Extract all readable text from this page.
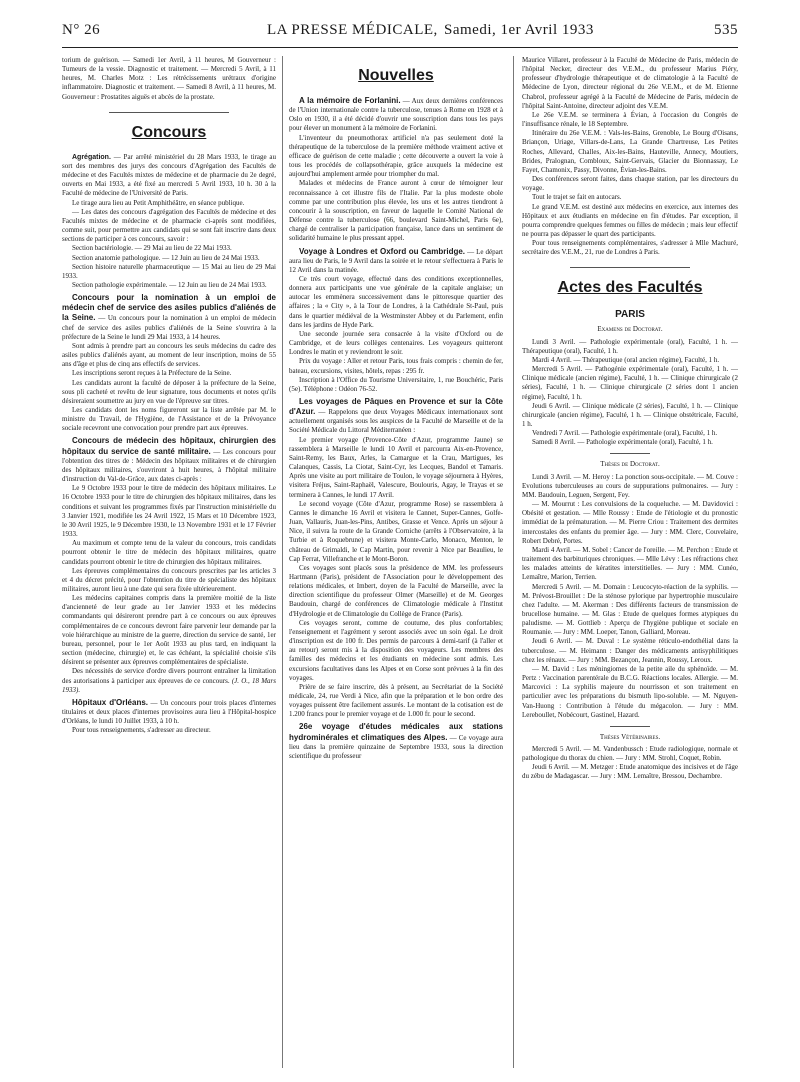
N° 26	LA PRESSE MÉDICALE, Samedi, 1er Avril 1933	535

torium de guérison. — Samedi 1er Avril, à 11 heures, M Gouverneur : Tumeurs de la vessie. Diagnostic et traitement. — Mercredi 5 Avril, à 11 heures, M. Charles Motz : Les rétrécissements urétraux d'origine inflammatoire. Diagnostic et traitement. — Samedi 8 Avril, à 11 heures, M. Gouverneur : Prostatites aiguës et abcès de la prostate.

Concours

Agrégation. — Par arrêté ministériel du 28 Mars 1933, le tirage au sort des membres des jurys des concours d'Agrégation des Facultés de médecine et des Facultés mixtes de médecine et de pharmacie du 2e degré, ouverts en Mai 1933, a été fixé au mercredi 5 Avril 1933, 10 h. 30 à la Faculté de médecine de l'Université de Paris.

Le tirage aura lieu au Petit Amphithéâtre, en séance publique.

— Les dates des concours d'agrégation des Facultés de médecine et des Facultés mixtes de médecine et de pharmacie ci-après sont modifiées, comme suit, pour permettre aux candidats qui se sont fait inscrire dans deux sections de participer à ces concours, savoir :

Section bactériologie. — 29 Mai au lieu de 22 Mai 1933.

Section anatomie pathologique. — 12 Juin au lieu de 24 Mai 1933.

Section histoire naturelle pharmaceutique — 15 Mai au lieu de 29 Mai 1933.

Section pathologie expérimentale. — 12 Juin au lieu de 24 Mai 1933.

Concours pour la nomination à un emploi de médecin chef de service des asiles publics d'aliénés de la Seine. — Un concours pour la nomination à un emploi de médecin chef de service des asiles publics d'aliénés de la Seine s'ouvrira à la préfecture de la Seine le lundi 29 Mai 1933, à 14 heures.

Sont admis à prendre part au concours les seuls médecins du cadre des asiles publics d'aliénés ayant, au moment de leur inscription, moins de 55 ans d'âge et plus de cinq ans effectifs de services.

Les inscriptions seront reçues à la Préfecture de la Seine.

Les candidats auront la faculté de déposer à la préfecture de la Seine, sous pli cacheté et revêtu de leur signature, tous documents et notes qu'ils désireraient soumettre au jury en vue de l'épreuve sur titres.

Les candidats dont les noms figureront sur la liste arrêtée par M. le ministre du Travail, de l'Hygiène, de l'Assistance et de la Prévoyance sociale recevront une convocation pour prendre part aux épreuves.

Concours de médecin des hôpitaux, chirurgien des hôpitaux du service de santé militaire. — Les concours pour l'obtention des titres de : Médecin des hôpitaux militaires et de chirurgien des hôpitaux militaires, s'ouvriront à huit heures, à l'hôpital militaire d'instruction du Val-de-Grâce, aux dates ci-après :

Le 9 Octobre 1933 pour le titre de médecin des hôpitaux militaires. Le 16 Octobre 1933 pour le titre de chirurgien des hôpitaux militaires, dans les conditions et suivant les programmes fixés par l'instruction ministérielle du 3 Janvier 1921, modifiée les 24 Avril 1922, 15 Mars et 10 Décembre 1923, le 30 Avril 1925, le 9 Décembre 1930, le 13 Novembre 1931 et le 17 Février 1933.

Au maximum et compte tenu de la valeur du concours, trois candidats pourront obtenir le titre de médecin des hôpitaux militaires, quatre candidats pourront obtenir le titre de chirurgien des hôpitaux militaires.

Les épreuves complémentaires du concours prescrites par les articles 3 et 4 du décret précité, pour l'obtention du titre de spécialiste des hôpitaux militaires, auront lieu à une date qui sera fixée ultérieurement.

Les médecins capitaines compris dans la première moitié de la liste d'ancienneté de leur grade au 1er Janvier 1933 et les médecins commandants qui désireront prendre part à ce concours ou aux épreuves complémentaires de ce concours devront faire parvenir leur demande par la voie hiérarchique au ministre de la guerre, direction du service de santé, 1er bureau, personnel, pour le 1er Août 1933 au plus tard, en indiquant la section (médecine, chirurgie) et, le cas échéant, la spécialité choisie s'ils désirent se présenter aux épreuves complémentaires de spécialiste.

Des nécessités de service d'ordre divers pourront entraîner la limitation des autorisations à participer aux épreuves de ce concours. (J. O., 18 Mars 1933).

Hôpitaux d'Orléans. — Un concours pour trois places d'internes titulaires et deux places d'internes provisoires aura lieu à l'Hôpital-hospice d'Orléans, le lundi 10 Juillet 1933, à 10 h.

Pour tous renseignements, s'adresser au directeur.

Nouvelles

A la mémoire de Forlanini. — Aux deux dernières conférences de l'Union internationale contre la tuberculose, tenues à Rome en 1928 et à Oslo en 1930, il a été décidé d'ouvrir une souscription dans tous les pays pour élever un monument à la mémoire de Forlanini.

L'inventeur du pneumothorax artificiel n'a pas seulement doté la thérapeutique de la tuberculose de la première méthode vraiment active et efficace de guérison de cette maladie ; cette découverte a ouvert la voie à tous les procédés de collapsothérapie, grâce auxquels la médecine est aujourd'hui amplement armée pour triompher du mal.

Malades et médecins de France auront à cœur de témoigner leur reconnaissance à cet illustre fils de l'Italie. Par la plus modeste obole comme par une contribution plus élevée, les uns et les autres tiendront à concourir à la souscription, en faveur de laquelle le Comité National de Défense contre la tuberculose (66, boulevard Saint-Michel, Paris 6e), chargé de centraliser la participation française, lance dans un sentiment de solidarité humaine le plus pressant appel.

Voyage à Londres et Oxford ou Cambridge. — Le départ aura lieu de Paris, le 9 Avril dans la soirée et le retour s'effectuera à Paris le 12 Avril dans la matinée.

Ce très court voyage, effectué dans des conditions exceptionnelles, donnera aux participants une vue générale de la capitale anglaise; un autocar les emmènera successivement dans le pittoresque quartier des affaires ; la « City », à la Tour de Londres, à la Cathédrale St-Paul, puis dans le quartier médiéval de la Westminster Abbey et du Parlement, enfin dans les jardins de Hyde Park.

Une seconde journée sera consacrée à la visite d'Oxford ou de Cambridge, et de leurs collèges centenaires. Les voyageurs quitteront Londres le matin et y reviendront le soir.

Prix du voyage : Aller et retour Paris, tous frais compris : chemin de fer, bateau, excursions, visites, hôtels, repas : 295 fr.

Inscription à l'Office du Tourisme Universitaire, 1, rue Bouchéric, Paris (5e). Téléphone : Odéon 76-52.

Les voyages de Pâques en Provence et sur la Côte d'Azur. — Rappelons que deux Voyages Médicaux internationaux sont actuellement organisés sous les auspices de la Faculté de Marseille et de la Société Médicale du Littoral Méditerranéen :

Le premier voyage (Provence-Côte d'Azur, programme Jaune) se rassemblera à Marseille le lundi 10 Avril et parcourra Aix-en-Provence, Saint-Remy, les Baux, Arles, la Camargue et la Crau, Martigues, les Calanques, Cassis, La Ciotat, Saint-Cyr, les Lecques, Bandol et Tamaris. Après une visite au port militaire de Toulon, le voyage séjournera à Hyères, visitera Fréjus, Saint-Raphaël, Valescure, Boulouris, Agay, le Trayas et se terminera à Cannes, le lundi 17 Avril.

Le second voyage (Côte d'Azur, programme Rose) se rassemblera à Cannes le dimanche 16 Avril et visitera le Cannet, Super-Cannes, Golfe-Juan, Vallauris, Juan-les-Pins, Antibes, Grasse et Vence. Après un séjour à Nice, il suivra la route de la Grande Corniche (arrêts à l'Observatoire, à la Turbie et à Roquebrune) et visitera Monte-Carlo, Monaco, Menton, le château de Grimaldi, le Cap Martin, pour revenir à Nice par Beaulieu, le Cap Ferrat, Villefranche et le Mont-Boron.

Ces voyages sont placés sous la présidence de MM. les professeurs Hartmann (Paris), président de l'Association pour le développement des relations médicales, et Imbert, doyen de la Faculté de Marseille, avec la direction scientifique du professeur Olmer (Marseille) et de M. Georges Baudouin, chargé de conférences de Climatologie médicale à l'Institut d'Hydrologie et de Climatologie du Collège de France (Paris).

Ces voyages seront, comme de coutume, des plus confortables; l'enseignement et l'agrément y seront associés avec un soin égal. Le droit d'inscription est de 100 fr. Des permis de parcours à demi-tarif (à l'aller et au retour) seront mis à la disposition des voyageurs. Les membres des familles des médecins et les étudiants en médecine sont admis. Les excursions facultatives dans les Alpes et en Corse sont prévues à la fin des voyages.

Prière de se faire inscrire, dès à présent, au Secrétariat de la Société médicale, 24, rue Verdi à Nice, afin que la préparation et le bon ordre des voyages puissent être facilement assurés. Le montant de la cotisation est de 1.200 francs pour le premier voyage et de 1.000 fr. pour le second.

26e voyage d'études médicales aux stations hydrominérales et climatiques des Alpes. — Ce voyage aura lieu dans la première quinzaine de Septembre 1933, sous la direction scientifique du professeur

Maurice Villaret, professeur à la Faculté de Médecine de Paris, médecin de l'hôpital Necker, directeur des V.E.M., du professeur Marius Piéry, professeur d'hydrologie thérapeutique et de climatologie à la Faculté de Médecine de Lyon, directeur régional du 26e V.E.M., et de M. Etienne Chabrol, professeur agrégé à la Faculté de Médecine de Paris, médecin de l'hôpital Saint-Antoine, directeur adjoint des V.E.M.

Le 26e V.E.M. se terminera à Évian, à l'occasion du Congrès de l'insuffisance rénale, le 18 Septembre.

Itinéraire du 26e V.E.M. : Vals-les-Bains, Grenoble, Le Bourg d'Oisans, Briançon, Uriage, Villars-de-Lans, La Grande Chartreuse, Les Petites Roches, Allevard, Challes, Aix-les-Bains, Hauteville, Annecy, Moutiers, Brides, Pralognan, Combloux, Saint-Gervais, Glacier du Bionnassay, Le Fayet, Chamonix, Passy, Divonne, Évian-les-Bains.

Des conférences seront faites, dans chaque station, par les directeurs du voyage.

Tout le trajet se fait en autocars.

Le grand V.E.M. est destiné aux médecins en exercice, aux internes des Hôpitaux et aux étudiants en médecine en fin d'études. Par exception, il pourra comprendre quelques femmes ou filles de médecin ; mais leur effectif ne pourra pas dépasser le quart des participants.

Pour tous renseignements complémentaires, s'adresser à Mlle Machuré, secrétaire des V.E.M., 21, rue de Londres à Paris.

Actes des Facultés
PARIS
Examens de Doctorat.

Lundi 3 Avril. — Pathologie expérimentale (oral), Faculté, 1 h. — Thérapeutique (oral), Faculté, 1 h.

Mardi 4 Avril. — Thérapeutique (oral ancien régime), Faculté, 1 h.

Mercredi 5 Avril. — Pathogénie expérimentale (oral), Faculté, 1 h. — Clinique médicale (ancien régime), Faculté, 1 h. — Clinique chirurgicale (2 séries), Faculté, 1 h. — Clinique chirurgicale (2 séries dont 1 ancien régime), Faculté, 1 h.

Jeudi 6 Avril. — Clinique médicale (2 séries), Faculté, 1 h. — Clinique chirurgicale (ancien régime), Faculté, 1 h. — Clinique obstétricale, Faculté, 1 h.

Vendredi 7 Avril. — Pathologie expérimentale (oral), Faculté, 1 h.

Samedi 8 Avril. — Pathologie expérimentale (oral), Faculté, 1 h.

Thèses de Doctorat.

Lundi 3 Avril. — M. Heroy : La ponction sous-occipitale. — M. Couve : Evolutions tuberculeuses au cours de suppurations pulmonaires. — Jury : MM. Baudouin, Leguen, Sergent, Fey.

— M. Mourrut : Les convulsions de la coqueluche. — M. Davidovici : Obésité et gestation. — Mlle Roussy : Etude de l'étiologie et du pronostic immédiat de la prématuration. — M. Pierre Criou : Traitement des dermites intercostales des enfants du premier âge. — Jury : MM. Clerc, Couvelaire, Robert Debré, Portes.

Mardi 4 Avril. — M. Sobel : Cancer de l'oreille. — M. Perchon : Etude et traitement des barbituriques chroniques. — Mlle Lévy : Les réfractions chez les malades atteints de kératites interstitielles. — Jury : MM. Cunéo, Lemaître, Marion, Terrien.

Mercredi 5 Avril. — M. Domain : Leucocyto-réaction de la syphilis. — M. Prévost-Brouillet : De la sténose pylorique par hypertrophie musculaire chez l'adulte. — M. Akerman : Des différents facteurs de transmission de brucellose humaine. — M. Glas : Etude de quelques formes atypiques du paludisme. — M. Gottlieb : Aperçu de l'hygiène publique et sociale en Roumanie. — Jury : MM. Loeper, Tanon, Galliard, Moreau.

Jeudi 6 Avril. — M. Duval : Le système réticulo-endothélial dans la tuberculose. — M. Heimann : Danger des médicaments antisyphilitiques chez les rénaux. — Jury : MM. Bezançon, Jeannin, Roussy, Leroux.

— M. David : Les méningiomes de la petite aile du sphénoïde. — M. Pertz : Vaccination parentérale du B.C.G. Réactions locales. Allergie. — M. Marcovici : La syphilis majeure du nourrisson et son traitement en particulier avec les préparations du bismuth lipo-soluble. — M. Nguyen-Van-Huong : Contribution à l'étude du mégacolon. — Jury : MM. Lereboullet, Nobécourt, Gastinel, Hazard.

Thèses Vétérinaires.

Mercredi 5 Avril. — M. Vandenbussch : Etude radiologique, normale et pathologique du thorax du chien. — Jury : MM. Strohl, Coquet, Robin.

Jeudi 6 Avril. — M. Metzger : Etude anatomique des incisives et de l'âge du zébu de Madagascar. — Jury : MM. Lemaître, Bressou, Dechambre.
